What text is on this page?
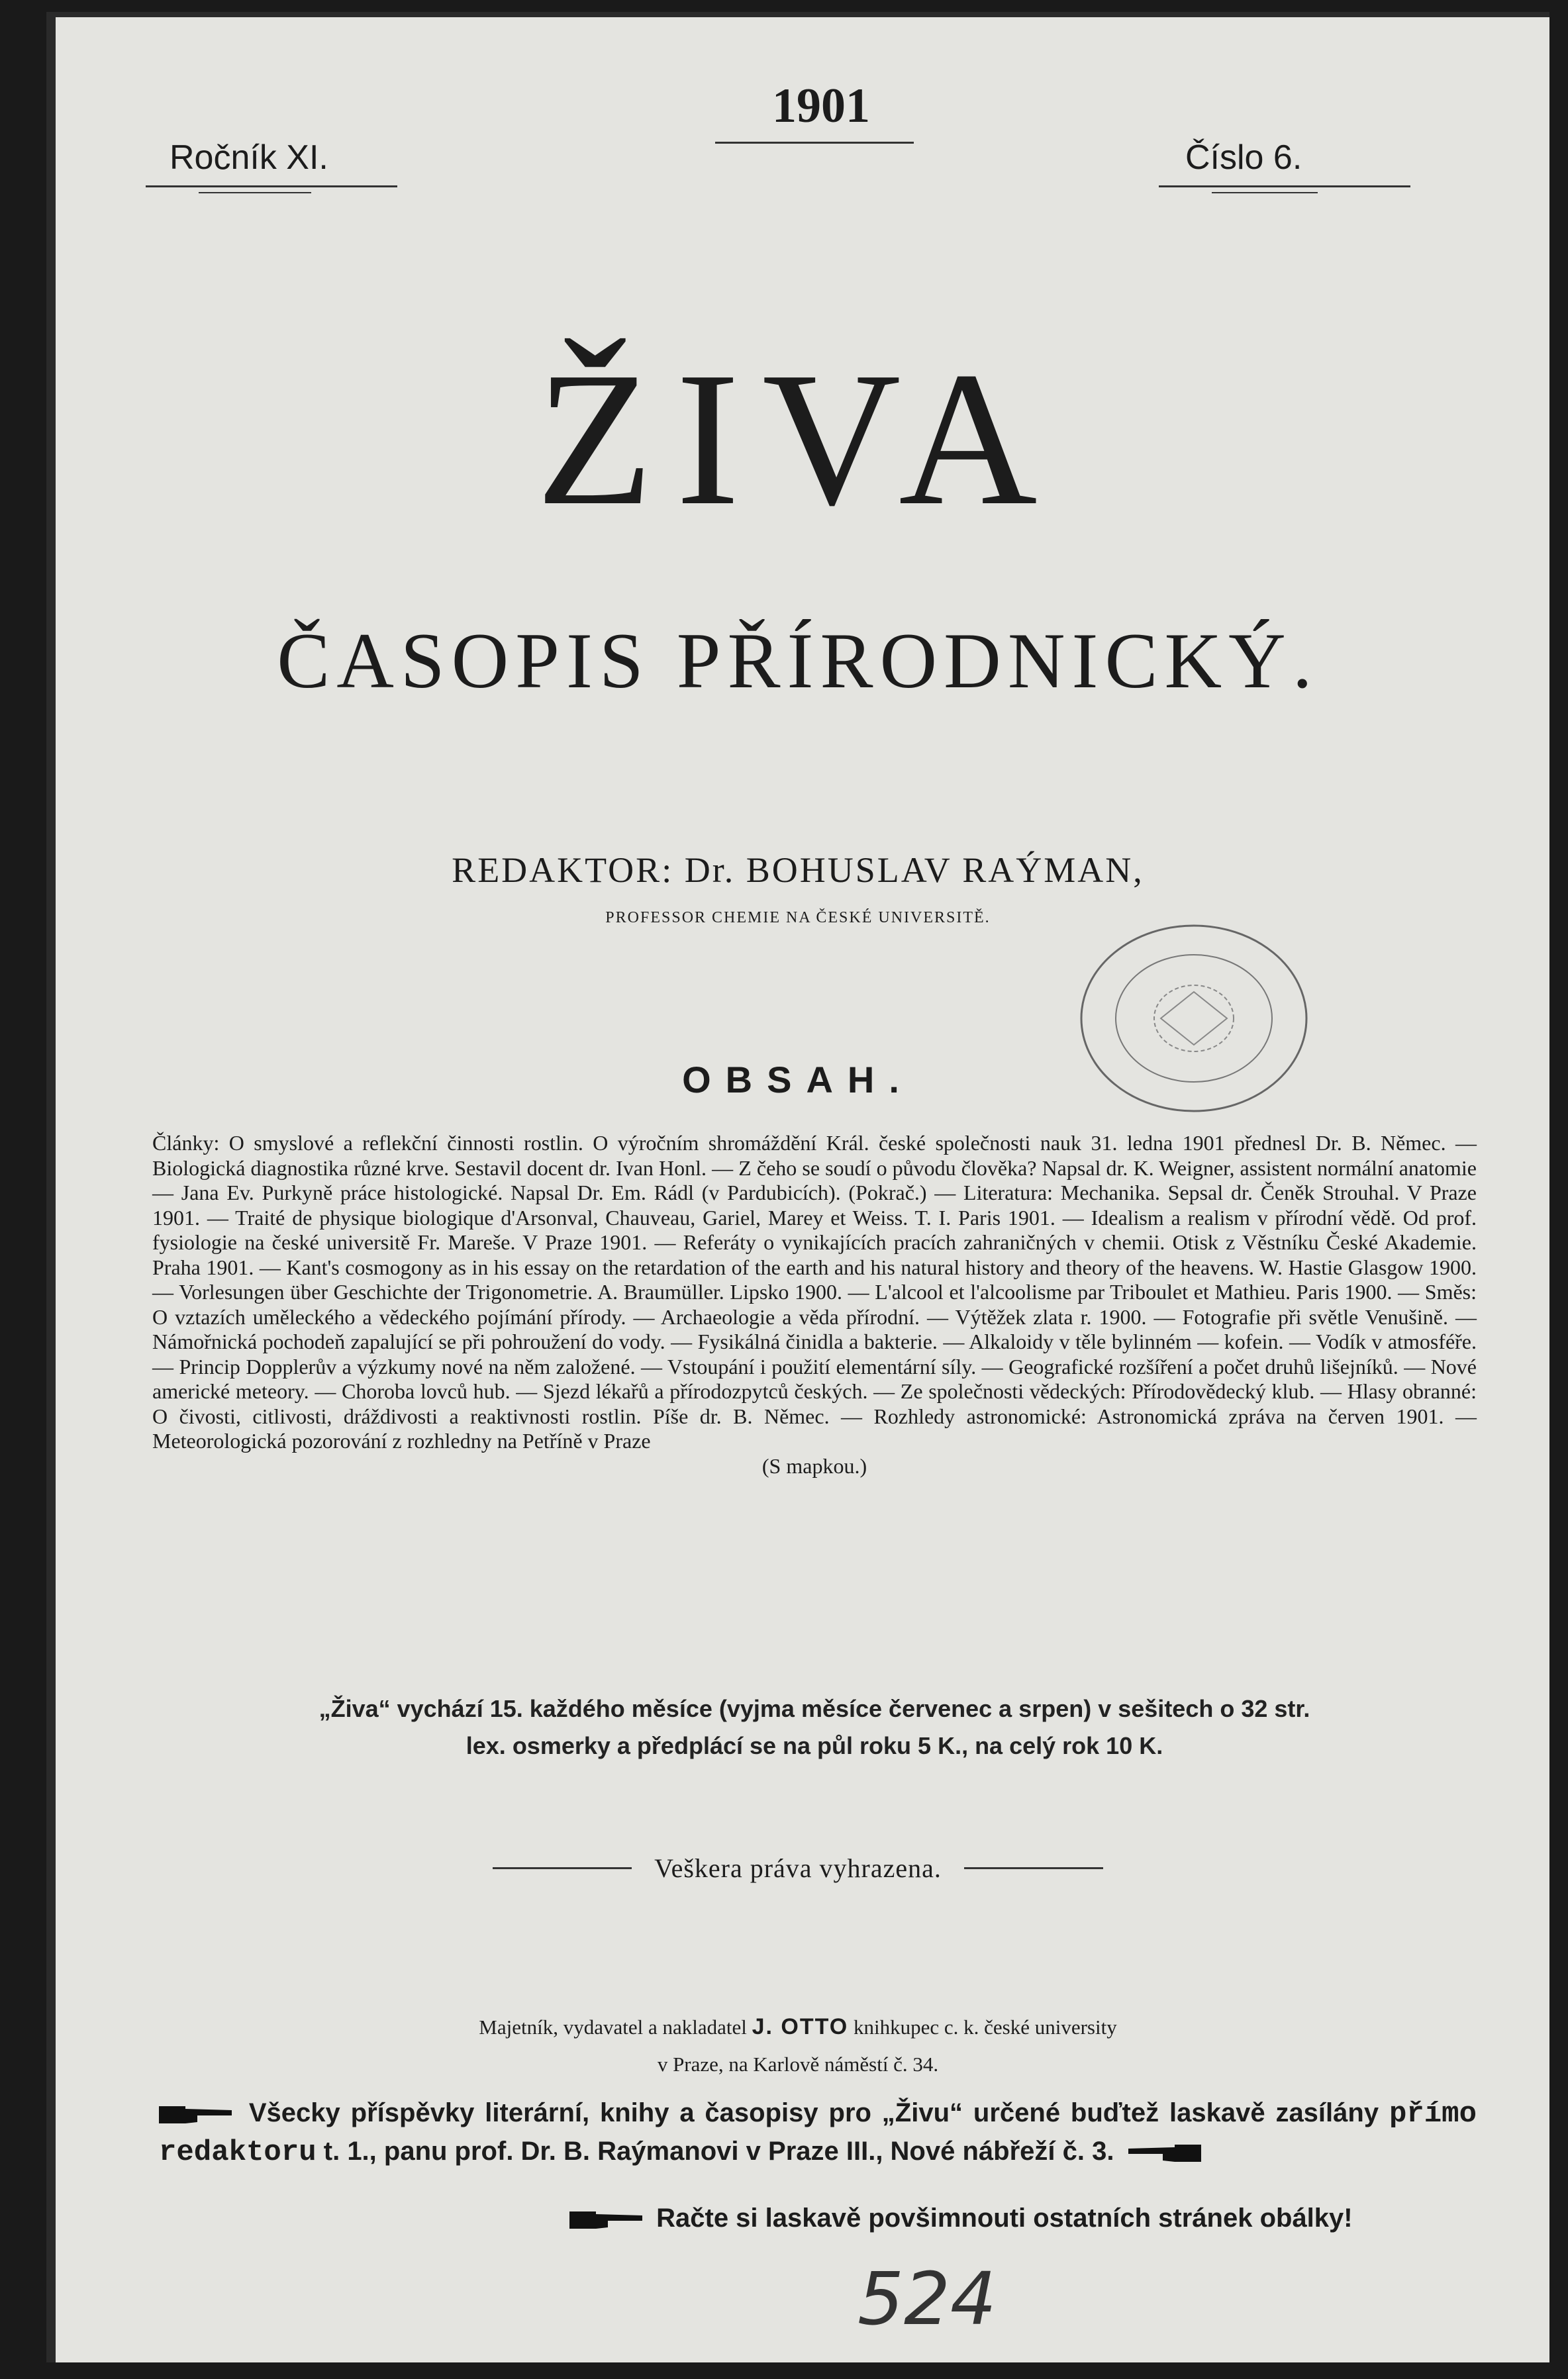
Ročník XI.
1901
Číslo 6.
ŽIVA
ČASOPIS PŘÍRODNICKÝ.
REDAKTOR: Dr. BOHUSLAV RAÝMAN,
PROFESSOR CHEMIE NA ČESKÉ UNIVERSITĚ.
OBSAH.
Články: O smyslové a reflekční činnosti rostlin. O výročním shromáždění Král. české společnosti nauk 31. ledna 1901 přednesl Dr. B. Němec. — Biologická diagnostika různé krve. Sestavil docent dr. Ivan Honl. — Z čeho se soudí o původu člověka? Napsal dr. K. Weigner, assistent normální anatomie — Jana Ev. Purkyně práce histologické. Napsal Dr. Em. Rádl (v Pardubicích). (Pokrač.) — Literatura: Mechanika. Sepsal dr. Čeněk Strouhal. V Praze 1901. — Traité de physique biologique d'Arsonval, Chauveau, Gariel, Marey et Weiss. T. I. Paris 1901. — Idealism a realism v přírodní vědě. Od prof. fysiologie na české universitě Fr. Mareše. V Praze 1901. — Referáty o vynikajících pracích zahraničných v chemii. Otisk z Věstníku České Akademie. Praha 1901. — Kant's cosmogony as in his essay on the retardation of the earth and his natural history and theory of the heavens. W. Hastie Glasgow 1900. — Vorlesungen über Geschichte der Trigonometrie. A. Braumüller. Lipsko 1900. — L'alcool et l'alcoolisme par Triboulet et Mathieu. Paris 1900. — Směs: O vztazích uměleckého a vědeckého pojímání přírody. — Archaeologie a věda přírodní. — Výtěžek zlata r. 1900. — Fotografie při světle Venušině. — Námořnická pochodeň zapalující se při pohroužení do vody. — Fysikálná činidla a bakterie. — Alkaloidy v těle bylinném — kofein. — Vodík v atmosféře. — Princip Dopplerův a výzkumy nové na něm založené. — Vstoupání i použití elementární síly. — Geografické rozšíření a počet druhů lišejníků. — Nové americké meteory. — Choroba lovců hub. — Sjezd lékařů a přírodozpytců českých. — Ze společnosti vědeckých: Přírodovědecký klub. — Hlasy obranné: O čivosti, citlivosti, dráždivosti a reaktivnosti rostlin. Píše dr. B. Němec. — Rozhledy astronomické: Astronomická zpráva na červen 1901. — Meteorologická pozorování z rozhledny na Petříně v Praze
(S mapkou.)
„Živa“ vychází 15. každého měsíce (vyjma měsíce červenec a srpen) v sešitech o 32 str.
lex. osmerky a předplácí se na půl roku 5 K., na celý rok 10 K.
Veškera práva vyhrazena.
Majetník, vydavatel a nakladatel J. OTTO knihkupec c. k. české university
v Praze, na Karlově náměstí č. 34.
Všecky příspěvky literární, knihy a časopisy pro „Živu“ určené buďtež laskavě zasílány přímo redaktoru t. 1., panu prof. Dr. B. Raýmanovi v Praze III., Nové nábřeží č. 3.
Račte si laskavě povšimnouti ostatních stránek obálky!
524
